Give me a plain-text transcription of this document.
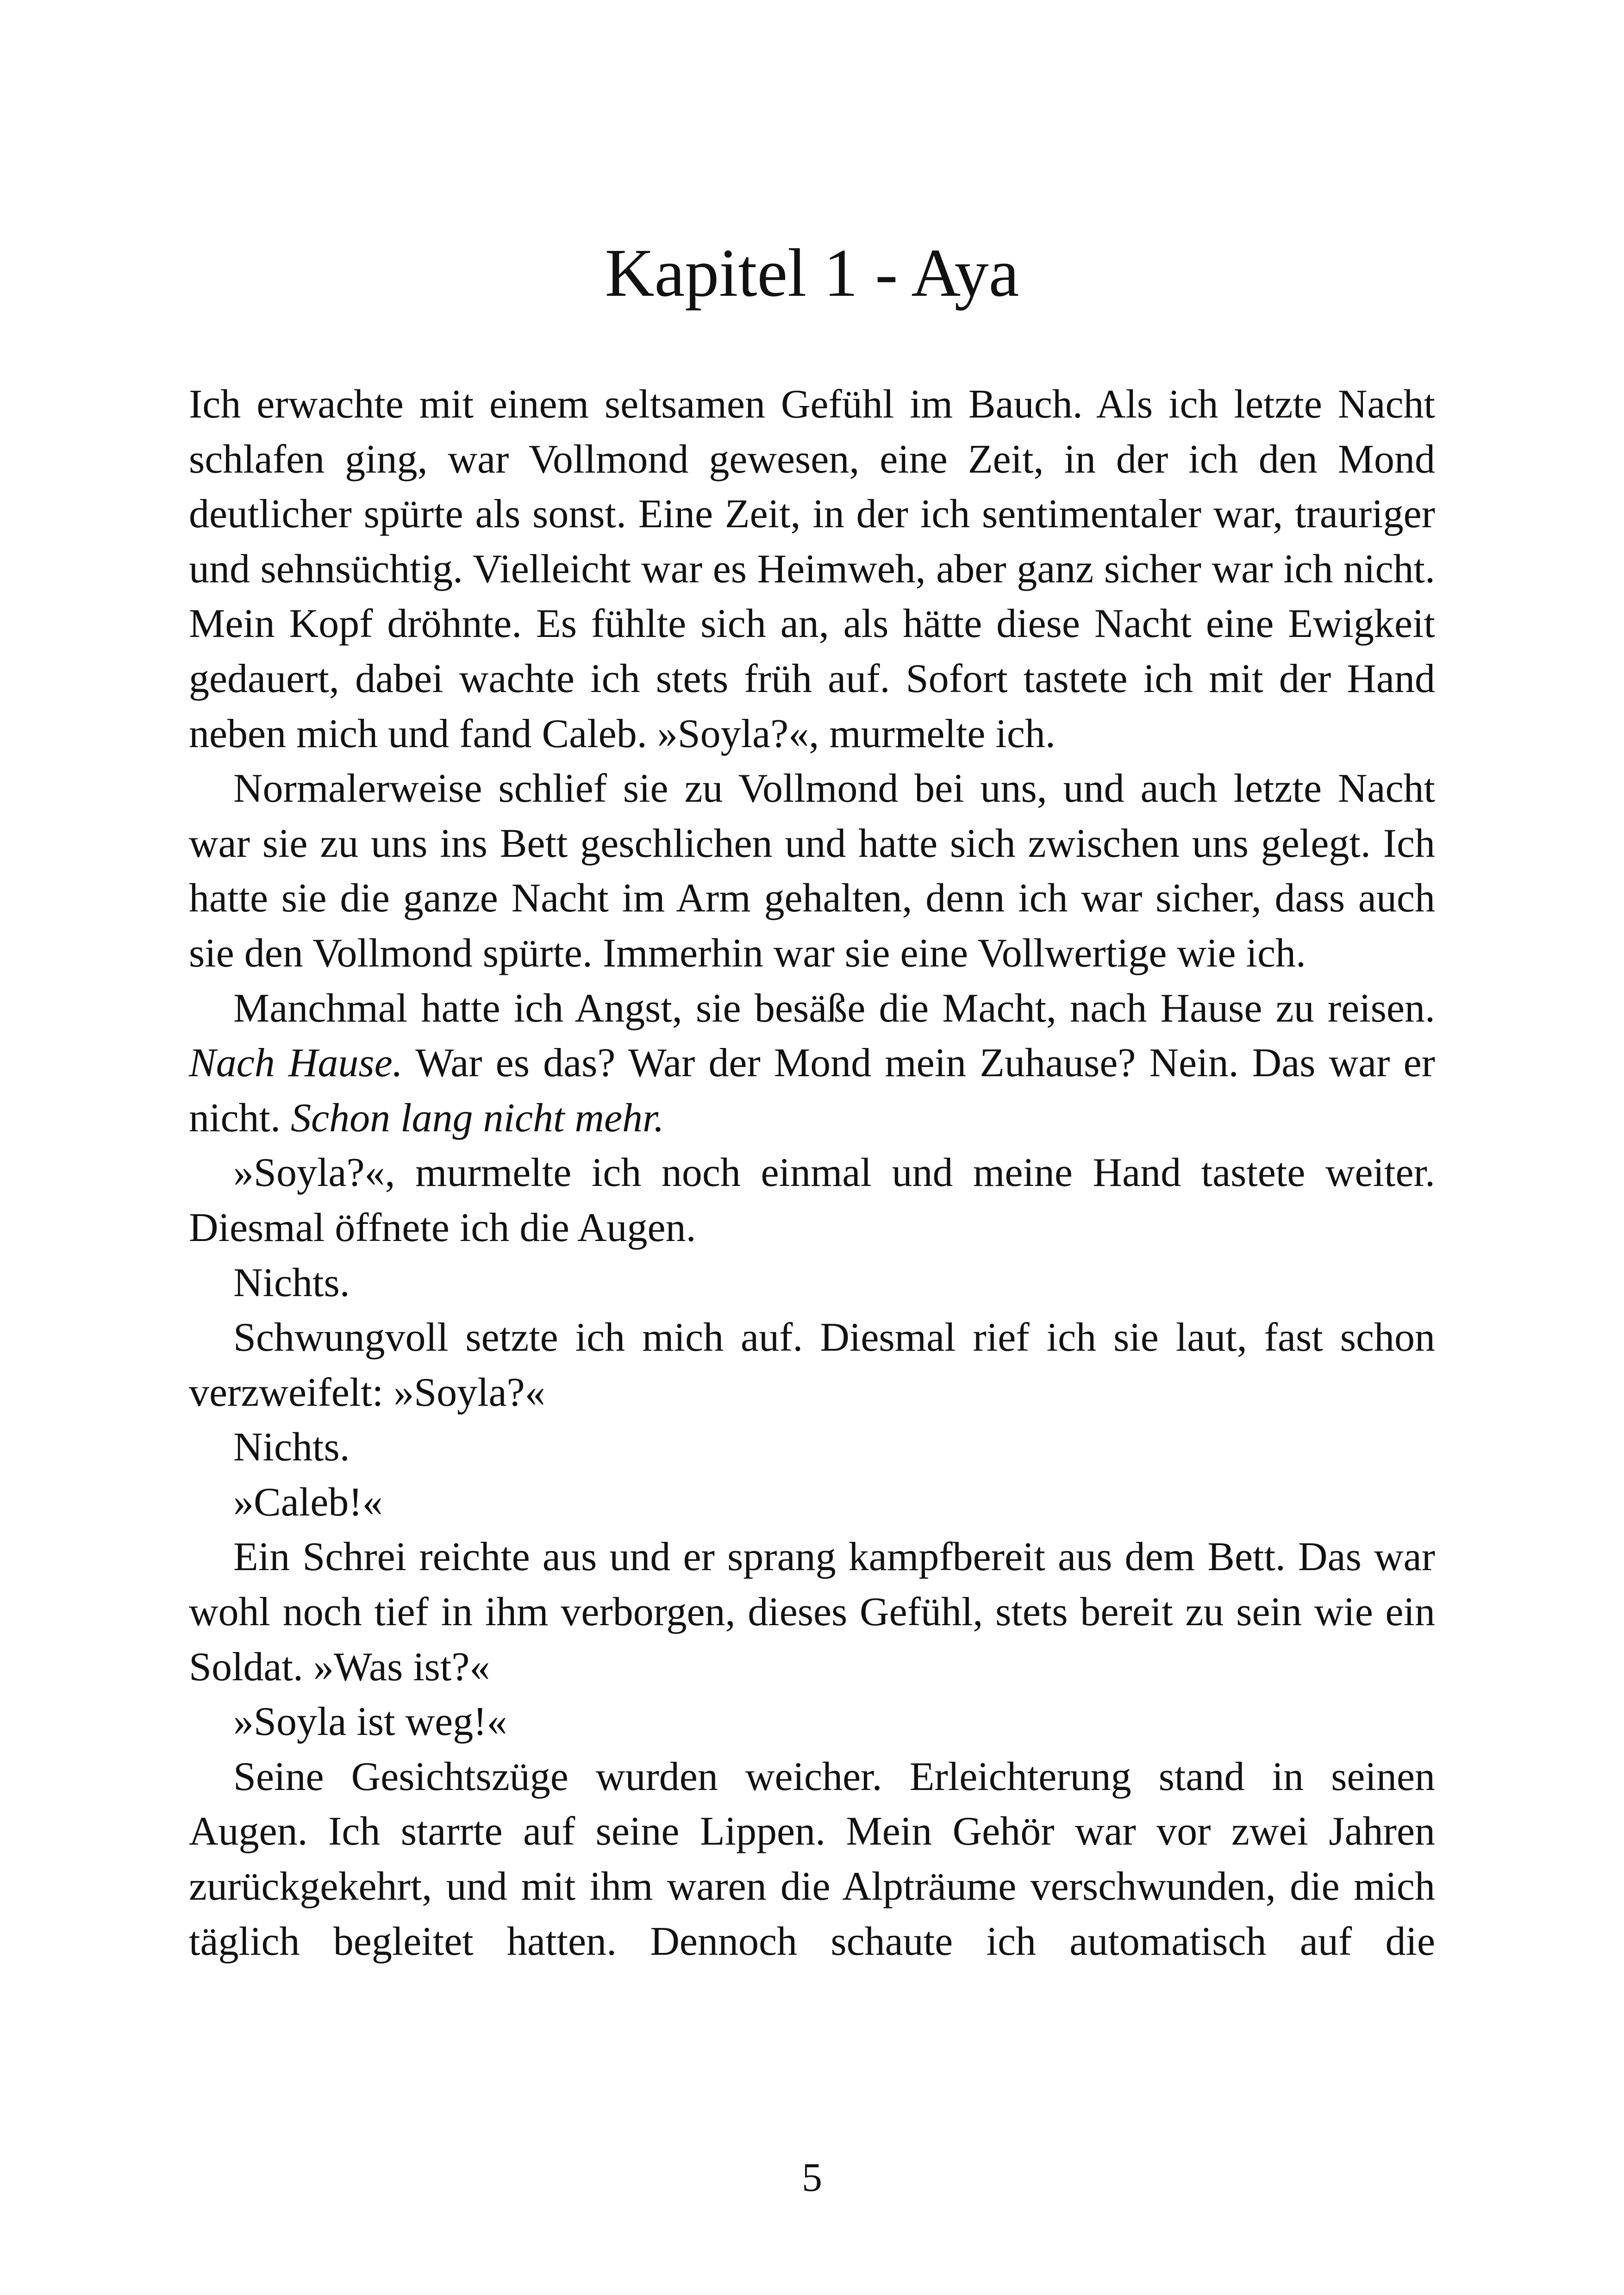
Kapitel 1 - Aya

Ich erwachte mit einem seltsamen Gefühl im Bauch. Als ich letzte Nacht schlafen ging, war Vollmond gewesen, eine Zeit, in der ich den Mond deutlicher spürte als sonst. Eine Zeit, in der ich sentimentaler war, trauriger und sehnsüchtig. Vielleicht war es Heimweh, aber ganz sicher war ich nicht. Mein Kopf dröhnte. Es fühlte sich an, als hätte diese Nacht eine Ewigkeit gedauert, dabei wachte ich stets früh auf. Sofort tastete ich mit der Hand neben mich und fand Caleb. »Soyla?«, murmelte ich.

Normalerweise schlief sie zu Vollmond bei uns, und auch letzte Nacht war sie zu uns ins Bett geschlichen und hatte sich zwischen uns gelegt. Ich hatte sie die ganze Nacht im Arm gehalten, denn ich war sicher, dass auch sie den Vollmond spürte. Immerhin war sie eine Vollwertige wie ich.

Manchmal hatte ich Angst, sie besäße die Macht, nach Hause zu reisen. Nach Hause. War es das? War der Mond mein Zuhause? Nein. Das war er nicht. Schon lang nicht mehr.

»Soyla?«, murmelte ich noch einmal und meine Hand tastete weiter. Diesmal öffnete ich die Augen.

Nichts.

Schwungvoll setzte ich mich auf. Diesmal rief ich sie laut, fast schon verzweifelt: »Soyla?«

Nichts.

»Caleb!«

Ein Schrei reichte aus und er sprang kampfbereit aus dem Bett. Das war wohl noch tief in ihm verborgen, dieses Gefühl, stets bereit zu sein wie ein Soldat. »Was ist?«

»Soyla ist weg!«

Seine Gesichtszüge wurden weicher. Erleichterung stand in seinen Augen. Ich starrte auf seine Lippen. Mein Gehör war vor zwei Jahren zurückgekehrt, und mit ihm waren die Alpträume verschwunden, die mich täglich begleitet hatten. Dennoch schaute ich automatisch auf die

5
